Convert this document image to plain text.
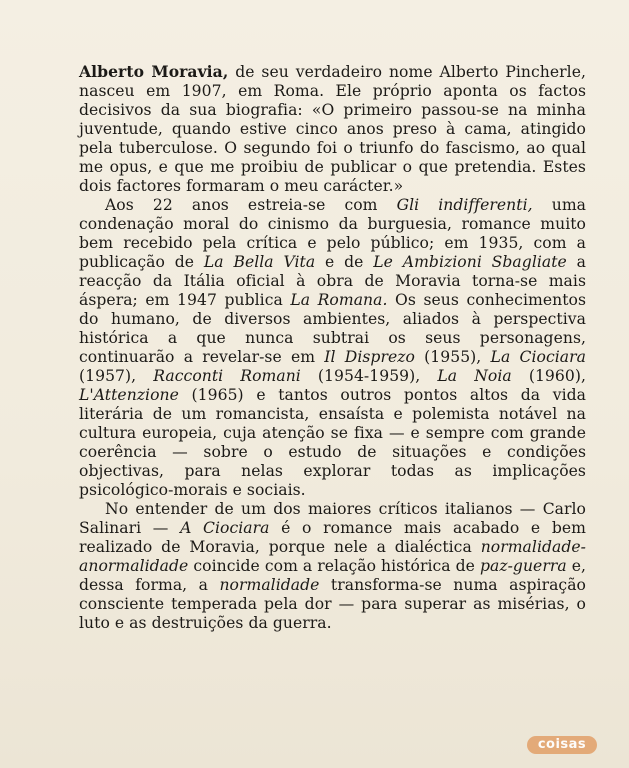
Alberto Moravia, de seu verdadeiro nome Alberto Pincherle, nasceu em 1907, em Roma. Ele próprio aponta os factos decisivos da sua biografia: «O primeiro passou-se na minha juventude, quando estive cinco anos preso à cama, atingido pela tuberculose. O segundo foi o triunfo do fascismo, ao qual me opus, e que me proibiu de publicar o que pretendia. Estes dois factores formaram o meu carácter.»

Aos 22 anos estreia-se com Gli indifferenti, uma condenação moral do cinismo da burguesia, romance muito bem recebido pela crítica e pelo público; em 1935, com a publicação de La Bella Vita e de Le Ambizioni Sbagliate a reacção da Itália oficial à obra de Moravia torna-se mais áspera; em 1947 publica La Romana. Os seus conhecimentos do humano, de diversos ambientes, aliados à perspectiva histórica a que nunca subtrai os seus personagens, continuarão a revelar-se em Il Disprezo (1955), La Ciociara (1957), Racconti Romani (1954-1959), La Noia (1960), L'Attenzione (1965) e tantos outros pontos altos da vida literária de um romancista, ensaísta e polemista notável na cultura europeia, cuja atenção se fixa — e sempre com grande coerência — sobre o estudo de situações e condições objectivas, para nelas explorar todas as implicações psicológico-morais e sociais.

No entender de um dos maiores críticos italianos — Carlo Salinari — A Ciociara é o romance mais acabado e bem realizado de Moravia, porque nele a dialéctica normalidade-anormalidade coincide com a relação histórica de paz-guerra e, dessa forma, a normalidade transforma-se numa aspiração consciente temperada pela dor — para superar as misérias, o luto e as destruições da guerra.

coisas
